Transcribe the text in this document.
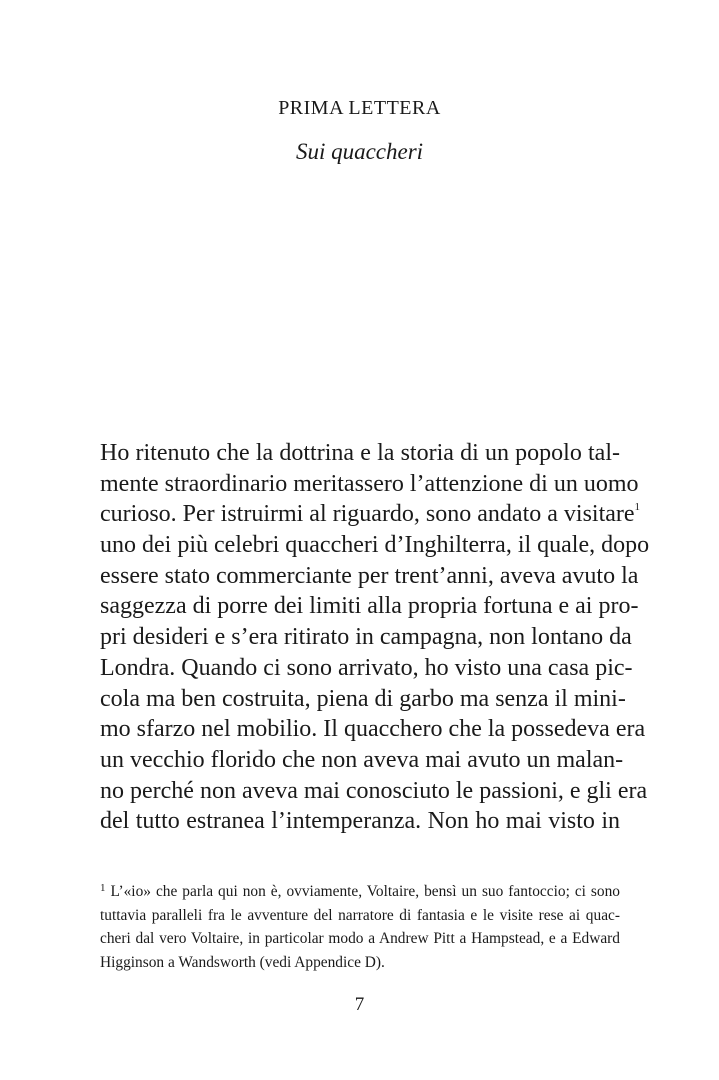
PRIMA LETTERA
Sui quaccheri
Ho ritenuto che la dottrina e la storia di un popolo tal-
mente straordinario meritassero l’attenzione di un uomo
curioso. Per istruirmi al riguardo, sono andato a visitare$^1$
uno dei più celebri quaccheri d’Inghilterra, il quale, dopo
essere stato commerciante per trent’anni, aveva avuto la
saggezza di porre dei limiti alla propria fortuna e ai pro-
pri desideri e s’era ritirato in campagna, non lontano da
Londra. Quando ci sono arrivato, ho visto una casa pic-
cola ma ben costruita, piena di garbo ma senza il mini-
mo sfarzo nel mobilio. Il quacchero che la possedeva era
un vecchio florido che non aveva mai avuto un malan-
no perché non aveva mai conosciuto le passioni, e gli era
del tutto estranea l’intemperanza. Non ho mai visto in
$^1$ L’«io» che parla qui non è, ovviamente, Voltaire, bensì un suo fantoccio; ci sono
tuttavia paralleli fra le avventure del narratore di fantasia e le visite rese ai quac-
cheri dal vero Voltaire, in particolar modo a Andrew Pitt a Hampstead, e a Edward
Higginson a Wandsworth (vedi Appendice D).
7
